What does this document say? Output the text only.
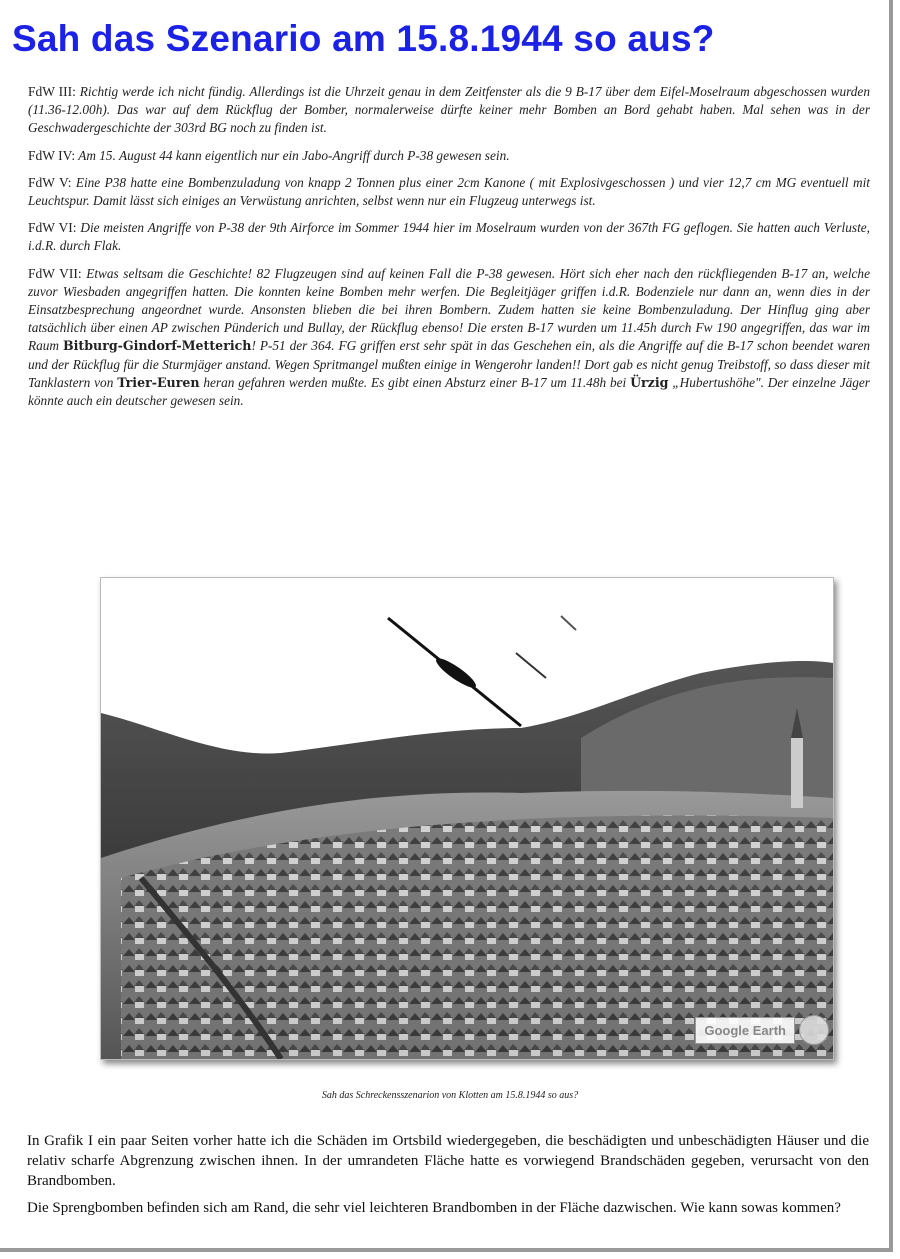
Sah das Szenario am 15.8.1944 so aus?

FdW III: Richtig werde ich nicht fündig. Allerdings ist die Uhrzeit genau in dem Zeitfenster als die 9 B-17 über dem Eifel-Moselraum abgeschossen wurden (11.36-12.00h). Das war auf dem Rückflug der Bomber, normalerweise dürfte keiner mehr Bomben an Bord gehabt haben. Mal sehen was in der Geschwadergeschichte der 303rd BG noch zu finden ist.

FdW IV: Am 15. August 44 kann eigentlich nur ein Jabo-Angriff durch P-38 gewesen sein.

FdW V: Eine P38 hatte eine Bombenzuladung von knapp 2 Tonnen plus einer 2cm Kanone ( mit Explosivgeschossen ) und vier 12,7 cm MG eventuell mit Leuchtspur. Damit lässt sich einiges an Verwüstung anrichten, selbst wenn nur ein Flugzeug unterwegs ist.

FdW VI: Die meisten Angriffe von P-38 der 9th Airforce im Sommer 1944 hier im Moselraum wurden von der 367th FG geflogen. Sie hatten auch Verluste, i.d.R. durch Flak.

FdW VII: Etwas seltsam die Geschichte! 82 Flugzeugen sind auf keinen Fall die P-38 gewesen. Hört sich eher nach den rückfliegenden B-17 an, welche zuvor Wiesbaden angegriffen hatten. Die konnten keine Bomben mehr werfen. Die Begleitjäger griffen i.d.R. Bodenziele nur dann an, wenn dies in der Einsatzbesprechung angeordnet wurde. Ansonsten blieben die bei ihren Bombern. Zudem hatten sie keine Bombenzuladung. Der Hinflug ging aber tatsächlich über einen AP zwischen Pünderich und Bullay, der Rückflug ebenso! Die ersten B-17 wurden um 11.45h durch Fw 190 angegriffen, das war im Raum Bitburg-Gindorf-Metterich! P-51 der 364. FG griffen erst sehr spät in das Geschehen ein, als die Angriffe auf die B-17 schon beendet waren und der Rückflug für die Sturmjäger anstand. Wegen Spritmangel mußten einige in Wengerohr landen!! Dort gab es nicht genug Treibstoff, so dass dieser mit Tanklastern von Trier-Euren heran gefahren werden mußte. Es gibt einen Absturz einer B-17 um 11.48h bei Ürzig „Hubertushöhe". Der einzelne Jäger könnte auch ein deutscher gewesen sein.

Google Earth
Sah das Schreckensszenarion von Klotten am 15.8.1944 so aus?

In Grafik I ein paar Seiten vorher hatte ich die Schäden im Ortsbild wiedergegeben, die beschädigten und unbeschädigten Häuser und die relativ scharfe Abgrenzung zwischen ihnen. In der umrandeten Fläche hatte es vorwiegend Brandschäden gegeben, verursacht von den Brandbomben.

Die Sprengbomben befinden sich am Rand, die sehr viel leichteren Brandbomben in der Fläche dazwischen. Wie kann sowas kommen?
